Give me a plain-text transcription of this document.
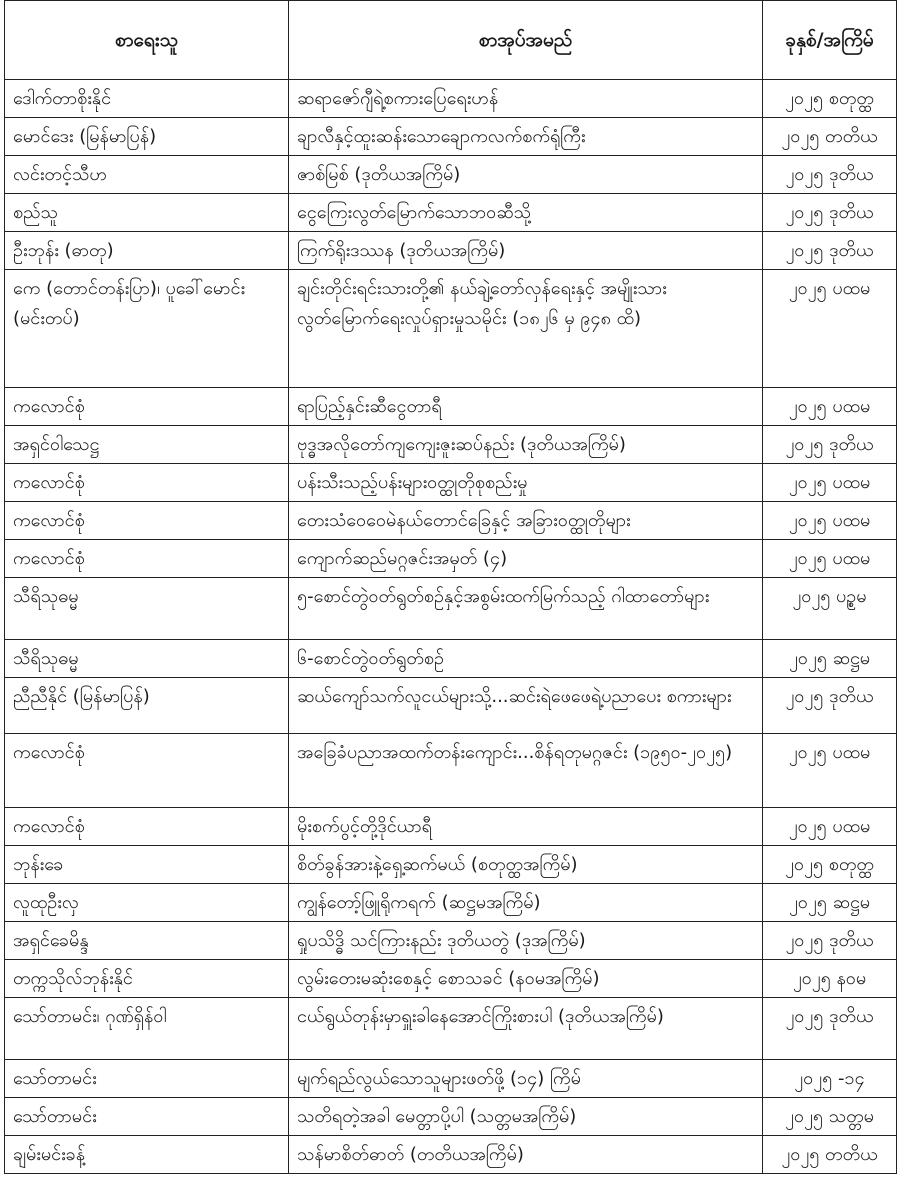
စာရေးသူ	စာအုပ်အမည်	ခုနှစ်/အကြိမ်
ဒေါက်တာစိုးနိုင်	ဆရာဇော်ဂျီရဲ့စကားပြေရေးဟန်	၂၀၂၅ စတုတ္ထ
မောင်ဒေး (မြန်မာပြန်)	ချာလီနှင့်ထူးဆန်းသောချောကလက်စက်ရုံကြီး	၂၀၂၅ တတိယ
လင်းတင့်သီဟ	ဇာစ်မြစ် (ဒုတိယအကြိမ်)	၂၀၂၅ ဒုတိယ
စည်သူ	ငွေကြေးလွတ်မြောက်သောဘဝဆီသို့	၂၀၂၅ ဒုတိယ
ဦးဘုန်း (ဓာတု)	ကြက်ရိုးဒဿန (ဒုတိယအကြိမ်)	၂၀၂၅ ဒုတိယ
ကေ (တောင်တန်းပြာ)၊ ပူခေါ်မောင်း (မင်းတပ်)	ချင်းတိုင်းရင်းသားတို့၏ နယ်ချဲ့တော်လှန်ရေးနှင့် အမျိုးသားလွတ်မြောက်ရေးလှုပ်ရှားမှုသမိုင်း (၁၈၂၆ မှ ၉၄၈ ထိ)	၂၀၂၅ ပထမ
ကလောင်စုံ	ရာပြည့်နှင်းဆီငွေတာရီ	၂၀၂၅ ပထမ
အရှင်ဝါသေဋ္ဌ	ဗုဒ္ဓအလိုတော်ကျကျေးဇူးဆပ်နည်း (ဒုတိယအကြိမ်)	၂၀၂၅ ဒုတိယ
ကလောင်စုံ	ပန်းသီးသည့်ပန်းများဝတ္ထုတိုစုစည်းမှု	၂၀၂၅ ပထမ
ကလောင်စုံ	တေးသံဝေဝေမဲနယ်တောင်ခြေနှင့် အခြားဝတ္ထုတိုများ	၂၀၂၅ ပထမ
ကလောင်စုံ	ကျောက်ဆည်မဂ္ဂဇင်းအမှတ် (၄)	၂၀၂၅ ပထမ
သီရိသုဓမ္မ	၅-စောင်တွဲဝတ်ရွတ်စဉ်နှင့်အစွမ်းထက်မြက်သည့် ဂါထာတော်များ	၂၀၂၅ ပဥ္စမ
သီရိသုဓမ္မ	၆-စောင်တွဲဝတ်ရွတ်စဉ်	၂၀၂၅ ဆဋ္ဌမ
ညီညီနိုင် (မြန်မာပြန်)	ဆယ်ကျော်သက်လူငယ်များသို့...ဆင်းရဲဖေဖေရဲ့ပညာပေး စကားများ	၂၀၂၅ ဒုတိယ
ကလောင်စုံ	အခြေခံပညာအထက်တန်းကျောင်း...စိန်ရတုမဂ္ဂဇင်း (၁၉၅၀-၂၀၂၅)	၂၀၂၅ ပထမ
ကလောင်စုံ	မိုးစက်ပွင့်တို့ဒိုင်ယာရီ	၂၀၂၅ ပထမ
ဘုန်းခေ	စိတ်ခွန်အားနဲ့ရှေ့ဆက်မယ် (စတုတ္ထအကြိမ်)	၂၀၂၅ စတုတ္ထ
လူထုဦးလှ	ကျွန်တော့်ဖြူရိုကရက် (ဆဋ္ဌမအကြိမ်)	၂၀၂၅ ဆဋ္ဌမ
အရှင်ခေမိန္ဒ	ရှုပသိဒ္ဓိ သင်ကြားနည်း ဒုတိယတွဲ (ဒုအကြိမ်)	၂၀၂၅ ဒုတိယ
တက္ကသိုလ်ဘုန်းနိုင်	လွမ်းတေးမဆုံးစေနှင့် စောသခင် (နဝမအကြိမ်)	၂၀၂၅ နဝမ
သော်တာမင်း၊ ဂုဏ်ရှိန်ဝါ	ငယ်ရွယ်တုန်းမှာရှူးခါနေအောင်ကြိုးစားပါ (ဒုတိယအကြိမ်)	၂၀၂၅ ဒုတိယ
သော်တာမင်း	မျက်ရည်လွယ်သောသူများဖတ်ဖို့ (၁၄) ကြိမ်	၂၀၂၅ -၁၄
သော်တာမင်း	သတိရတဲ့အခါ မေတ္တာပို့ပါ (သတ္တမအကြိမ်)	၂၀၂၅ သတ္တမ
ချမ်းမင်းခန့်	သန်မာစိတ်ဓာတ် (တတိယအကြိမ်)	၂၀၂၅ တတိယ
